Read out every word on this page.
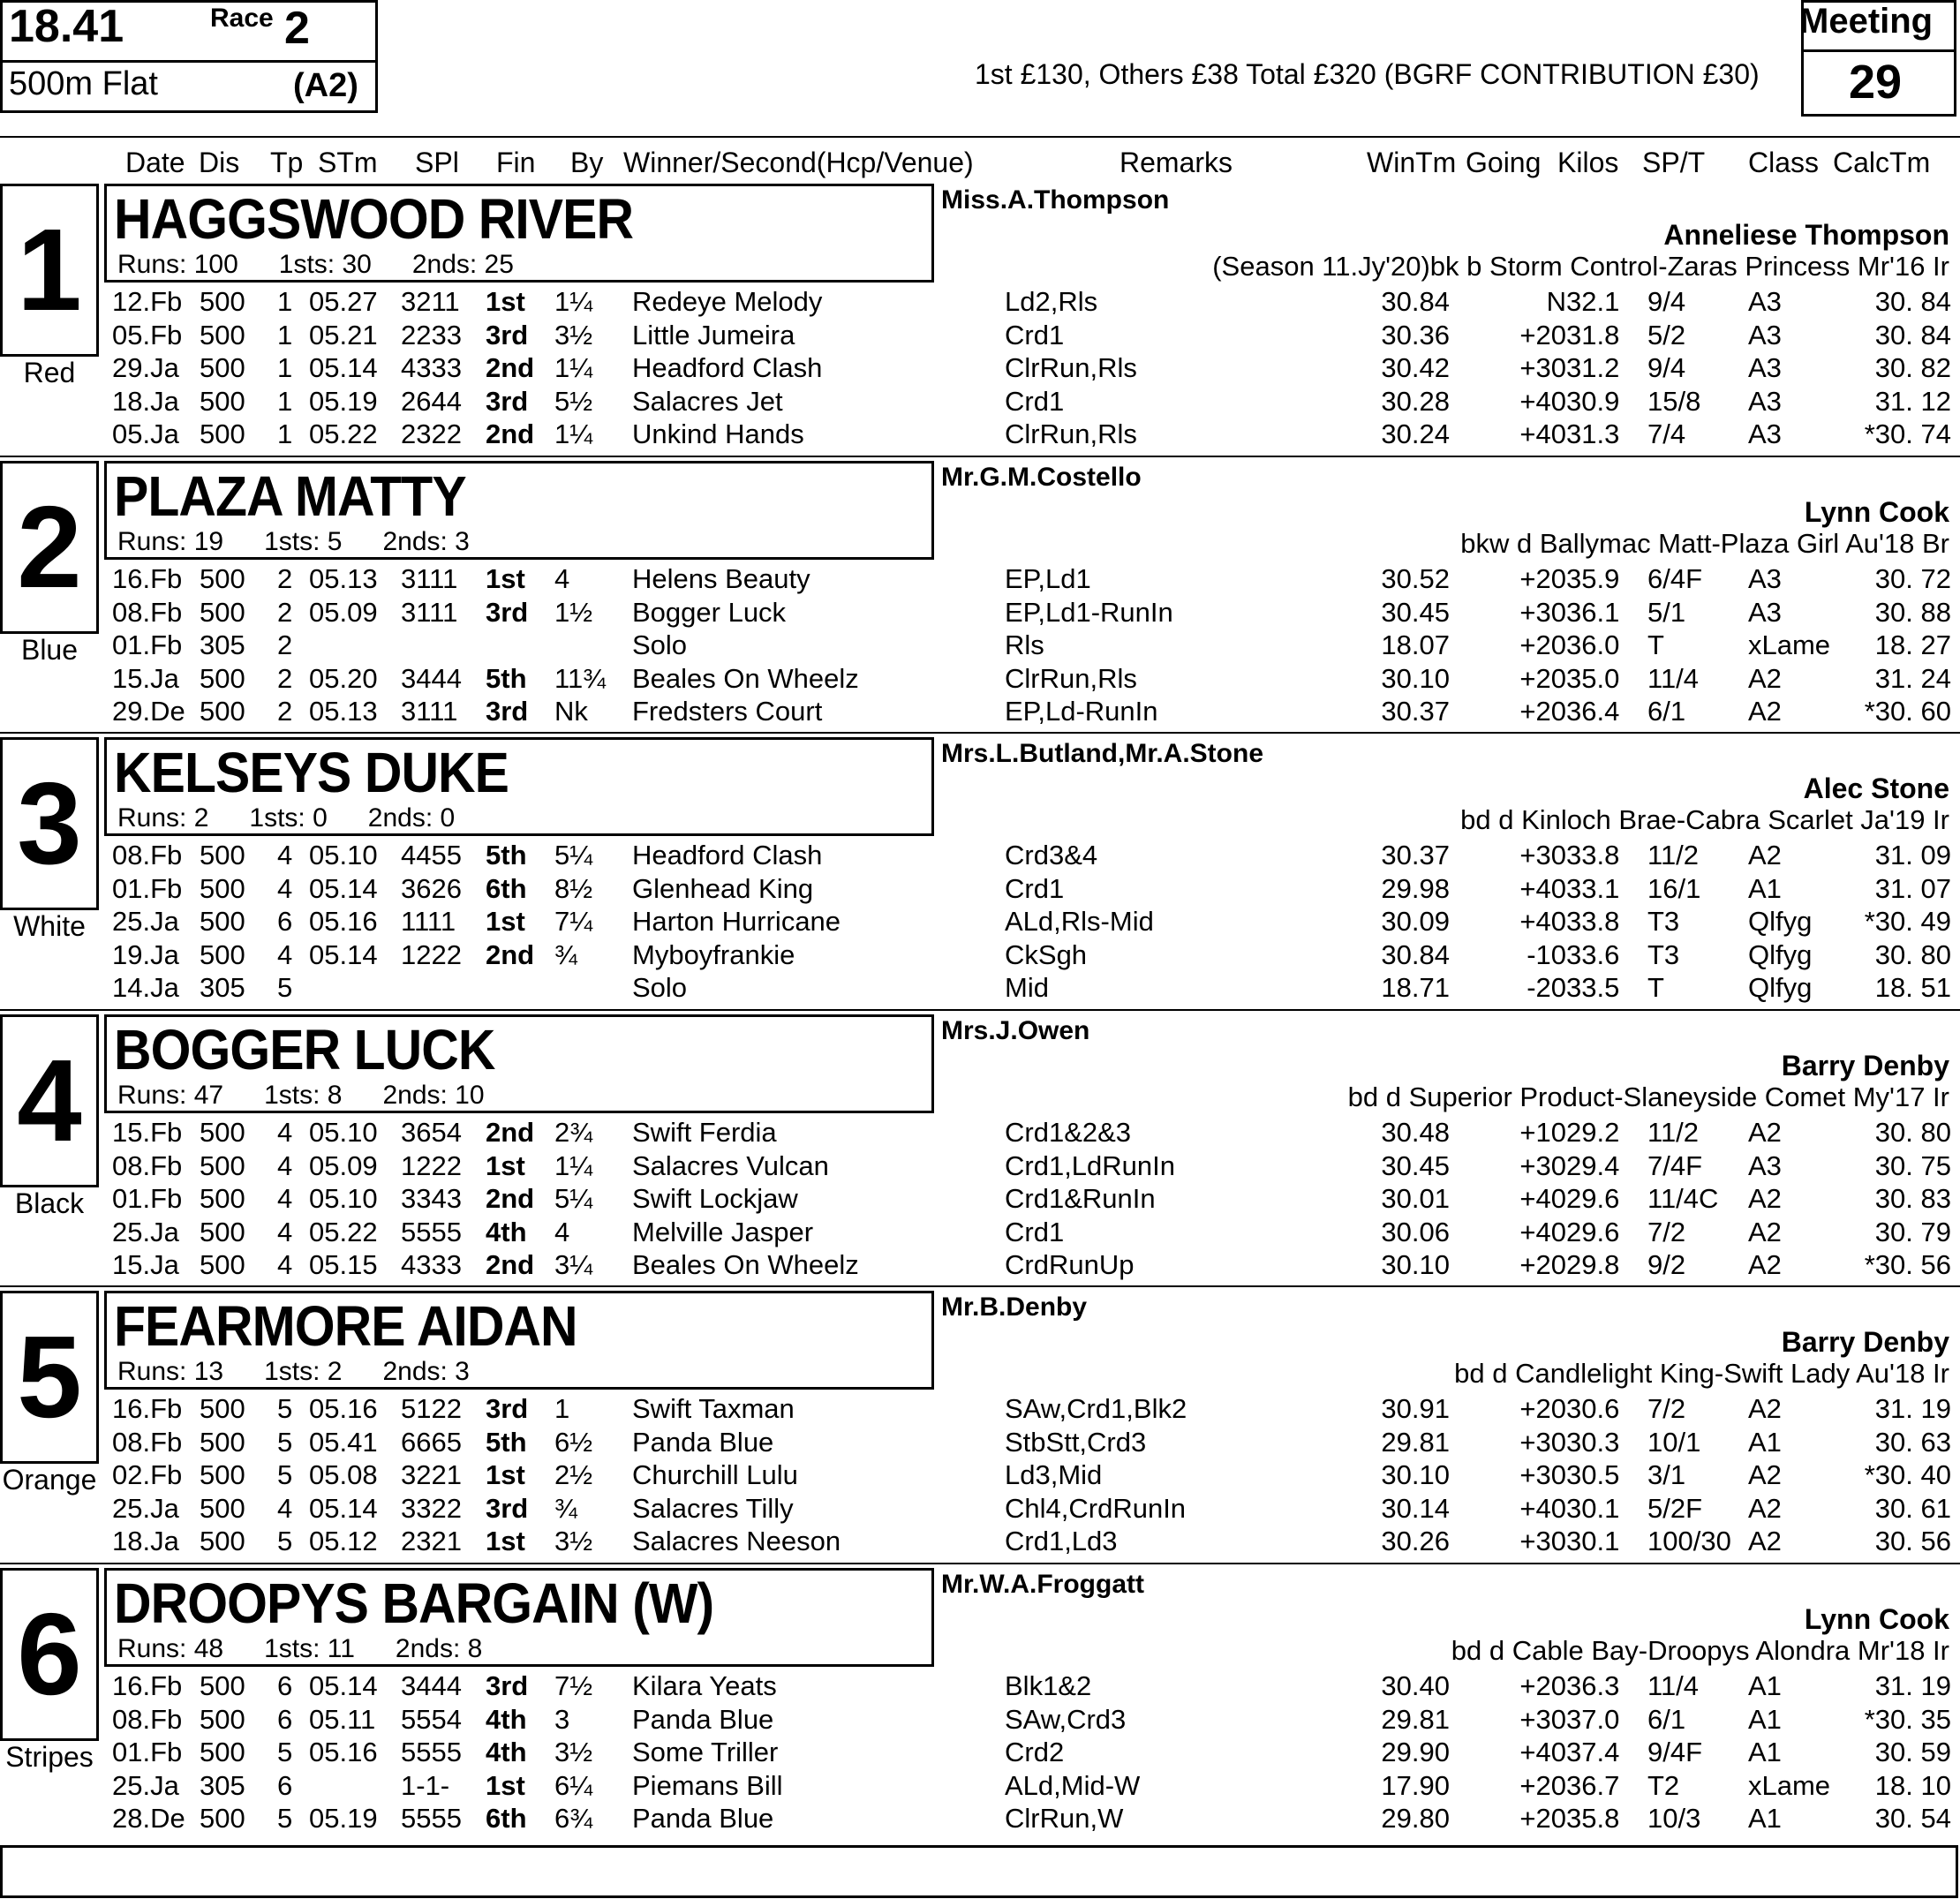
18.41	Race 2
500m Flat	(A2)	1st £130, Others £38 Total £320 (BGRF CONTRIBUTION £30)
Meeting
29
Date Dis Tp STm SPl Fin By Winner/Second(Hcp/Venue)	Remarks	WinTm Going Kilos SP/T Class CalcTm
1
Red
HAGGSWOOD RIVER
Runs: 100 1sts: 30 2nds: 25
Miss.A.Thompson
Anneliese Thompson
(Season 11.Jy'20)bk b Storm Control-Zaras Princess Mr'16 Ir
12.Fb 500 1 05.27 3211 1st 1¼ Redeye Melody	Ld2,Rls	30.84	N 32.1 9/4 A3	30. 84
05.Fb 500 1 05.21 2233 3rd 3½ Little Jumeira	Crd1	30.36	+20 31.8 5/2 A3	30. 84
29.Ja 500 1 05.14 4333 2nd 1¼ Headford Clash	ClrRun,Rls	30.42	+30 31.2 9/4 A3	30. 82
18.Ja 500 1 05.19 2644 3rd 5½ Salacres Jet	Crd1	30.28	+40 30.9 15/8 A3	31. 12
05.Ja 500 1 05.22 2322 2nd 1¼ Unkind Hands	ClrRun,Rls	30.24	+40 31.3 7/4 A3	*30. 74
2
Blue
PLAZA MATTY
Runs: 19 1sts: 5 2nds: 3
Mr.G.M.Costello
Lynn Cook
bkw d Ballymac Matt-Plaza Girl Au'18 Br
16.Fb 500 2 05.13 3111 1st 4 Helens Beauty	EP,Ld1	30.52	+20 35.9 6/4F A3	30. 72
08.Fb 500 2 05.09 3111 3rd 1½ Bogger Luck	EP,Ld1-RunIn	30.45	+30 36.1 5/1 A3	30. 88
01.Fb 305 2	Solo	Rls	18.07	+20 36.0 T	xLame 18. 27
15.Ja 500 2 05.20 3444 5th 11¾ Beales On Wheelz	ClrRun,Rls	30.10	+20 35.0 11/4 A2	31. 24
29.De 500 2 05.13 3111 3rd Nk Fredsters Court	EP,Ld-RunIn	30.37	+20 36.4 6/1 A2	*30. 60
3
White
KELSEYS DUKE
Runs: 2 1sts: 0 2nds: 0
Mrs.L.Butland,Mr.A.Stone
Alec Stone
bd d Kinloch Brae-Cabra Scarlet Ja'19 Ir
08.Fb 500 4 05.10 4455 5th 5¼ Headford Clash	Crd3&4	30.37	+30 33.8 11/2 A2	31. 09
01.Fb 500 4 05.14 3626 6th 8½ Glenhead King	Crd1	29.98	+40 33.1 16/1 A1	31. 07
25.Ja 500 6 05.16 1111 1st 7¼ Harton Hurricane	ALd,Rls-Mid	30.09	+40 33.8 T3	Qlfyg *30. 49
19.Ja 500 4 05.14 1222 2nd ¾ Myboyfrankie	CkSgh	30.84	-10 33.6 T3	Qlfyg 30. 80
14.Ja 305 5	Solo	Mid	18.71	-20 33.5 T	Qlfyg 18. 51
4
Black
BOGGER LUCK
Runs: 47 1sts: 8 2nds: 10
Mrs.J.Owen
Barry Denby
bd d Superior Product-Slaneyside Comet My'17 Ir
15.Fb 500 4 05.10 3654 2nd 2¾ Swift Ferdia	Crd1&2&3	30.48	+10 29.2 11/2 A2	30. 80
08.Fb 500 4 05.09 1222 1st 1¼ Salacres Vulcan	Crd1,LdRunIn	30.45	+30 29.4 7/4F A3	30. 75
01.Fb 500 4 05.10 3343 2nd 5¼ Swift Lockjaw	Crd1&RunIn	30.01	+40 29.6 11/4C A2	30. 83
25.Ja 500 4 05.22 5555 4th 4 Melville Jasper	Crd1	30.06	+40 29.6 7/2 A2	30. 79
15.Ja 500 4 05.15 4333 2nd 3¼ Beales On Wheelz	CrdRunUp	30.10	+20 29.8 9/2 A2	*30. 56
5
Orange
FEARMORE AIDAN
Runs: 13 1sts: 2 2nds: 3
Mr.B.Denby
Barry Denby
bd d Candlelight King-Swift Lady Au'18 Ir
16.Fb 500 5 05.16 5122 3rd 1 Swift Taxman	SAw,Crd1,Blk2	30.91	+20 30.6 7/2 A2	31. 19
08.Fb 500 5 05.41 6665 5th 6½ Panda Blue	StbStt,Crd3	29.81	+30 30.3 10/1 A1	30. 63
02.Fb 500 5 05.08 3221 1st 2½ Churchill Lulu	Ld3,Mid	30.10	+30 30.5 3/1 A2	*30. 40
25.Ja 500 4 05.14 3322 3rd ¾ Salacres Tilly	Chl4,CrdRunIn	30.14	+40 30.1 5/2F A2	30. 61
18.Ja 500 5 05.12 2321 1st 3½ Salacres Neeson	Crd1,Ld3	30.26	+30 30.1 100/30 A2	30. 56
6
Stripes
DROOPYS BARGAIN (W)
Runs: 48 1sts: 11 2nds: 8
Mr.W.A.Froggatt
Lynn Cook
bd d Cable Bay-Droopys Alondra Mr'18 Ir
16.Fb 500 6 05.14 3444 3rd 7½ Kilara Yeats	Blk1&2	30.40	+20 36.3 11/4 A1	31. 19
08.Fb 500 6 05.11 5554 4th 3 Panda Blue	SAw,Crd3	29.81	+30 37.0 6/1 A1	*30. 35
01.Fb 500 5 05.16 5555 4th 3½ Some Triller	Crd2	29.90	+40 37.4 9/4F A1	30. 59
25.Ja 305 6	1-1- 1st 6¼ Piemans Bill	ALd,Mid-W	17.90	+20 36.7 T2	xLame 18. 10
28.De 500 5 05.19 5555 6th 6¾ Panda Blue	ClrRun,W	29.80	+20 35.8 10/3 A1	30. 54
